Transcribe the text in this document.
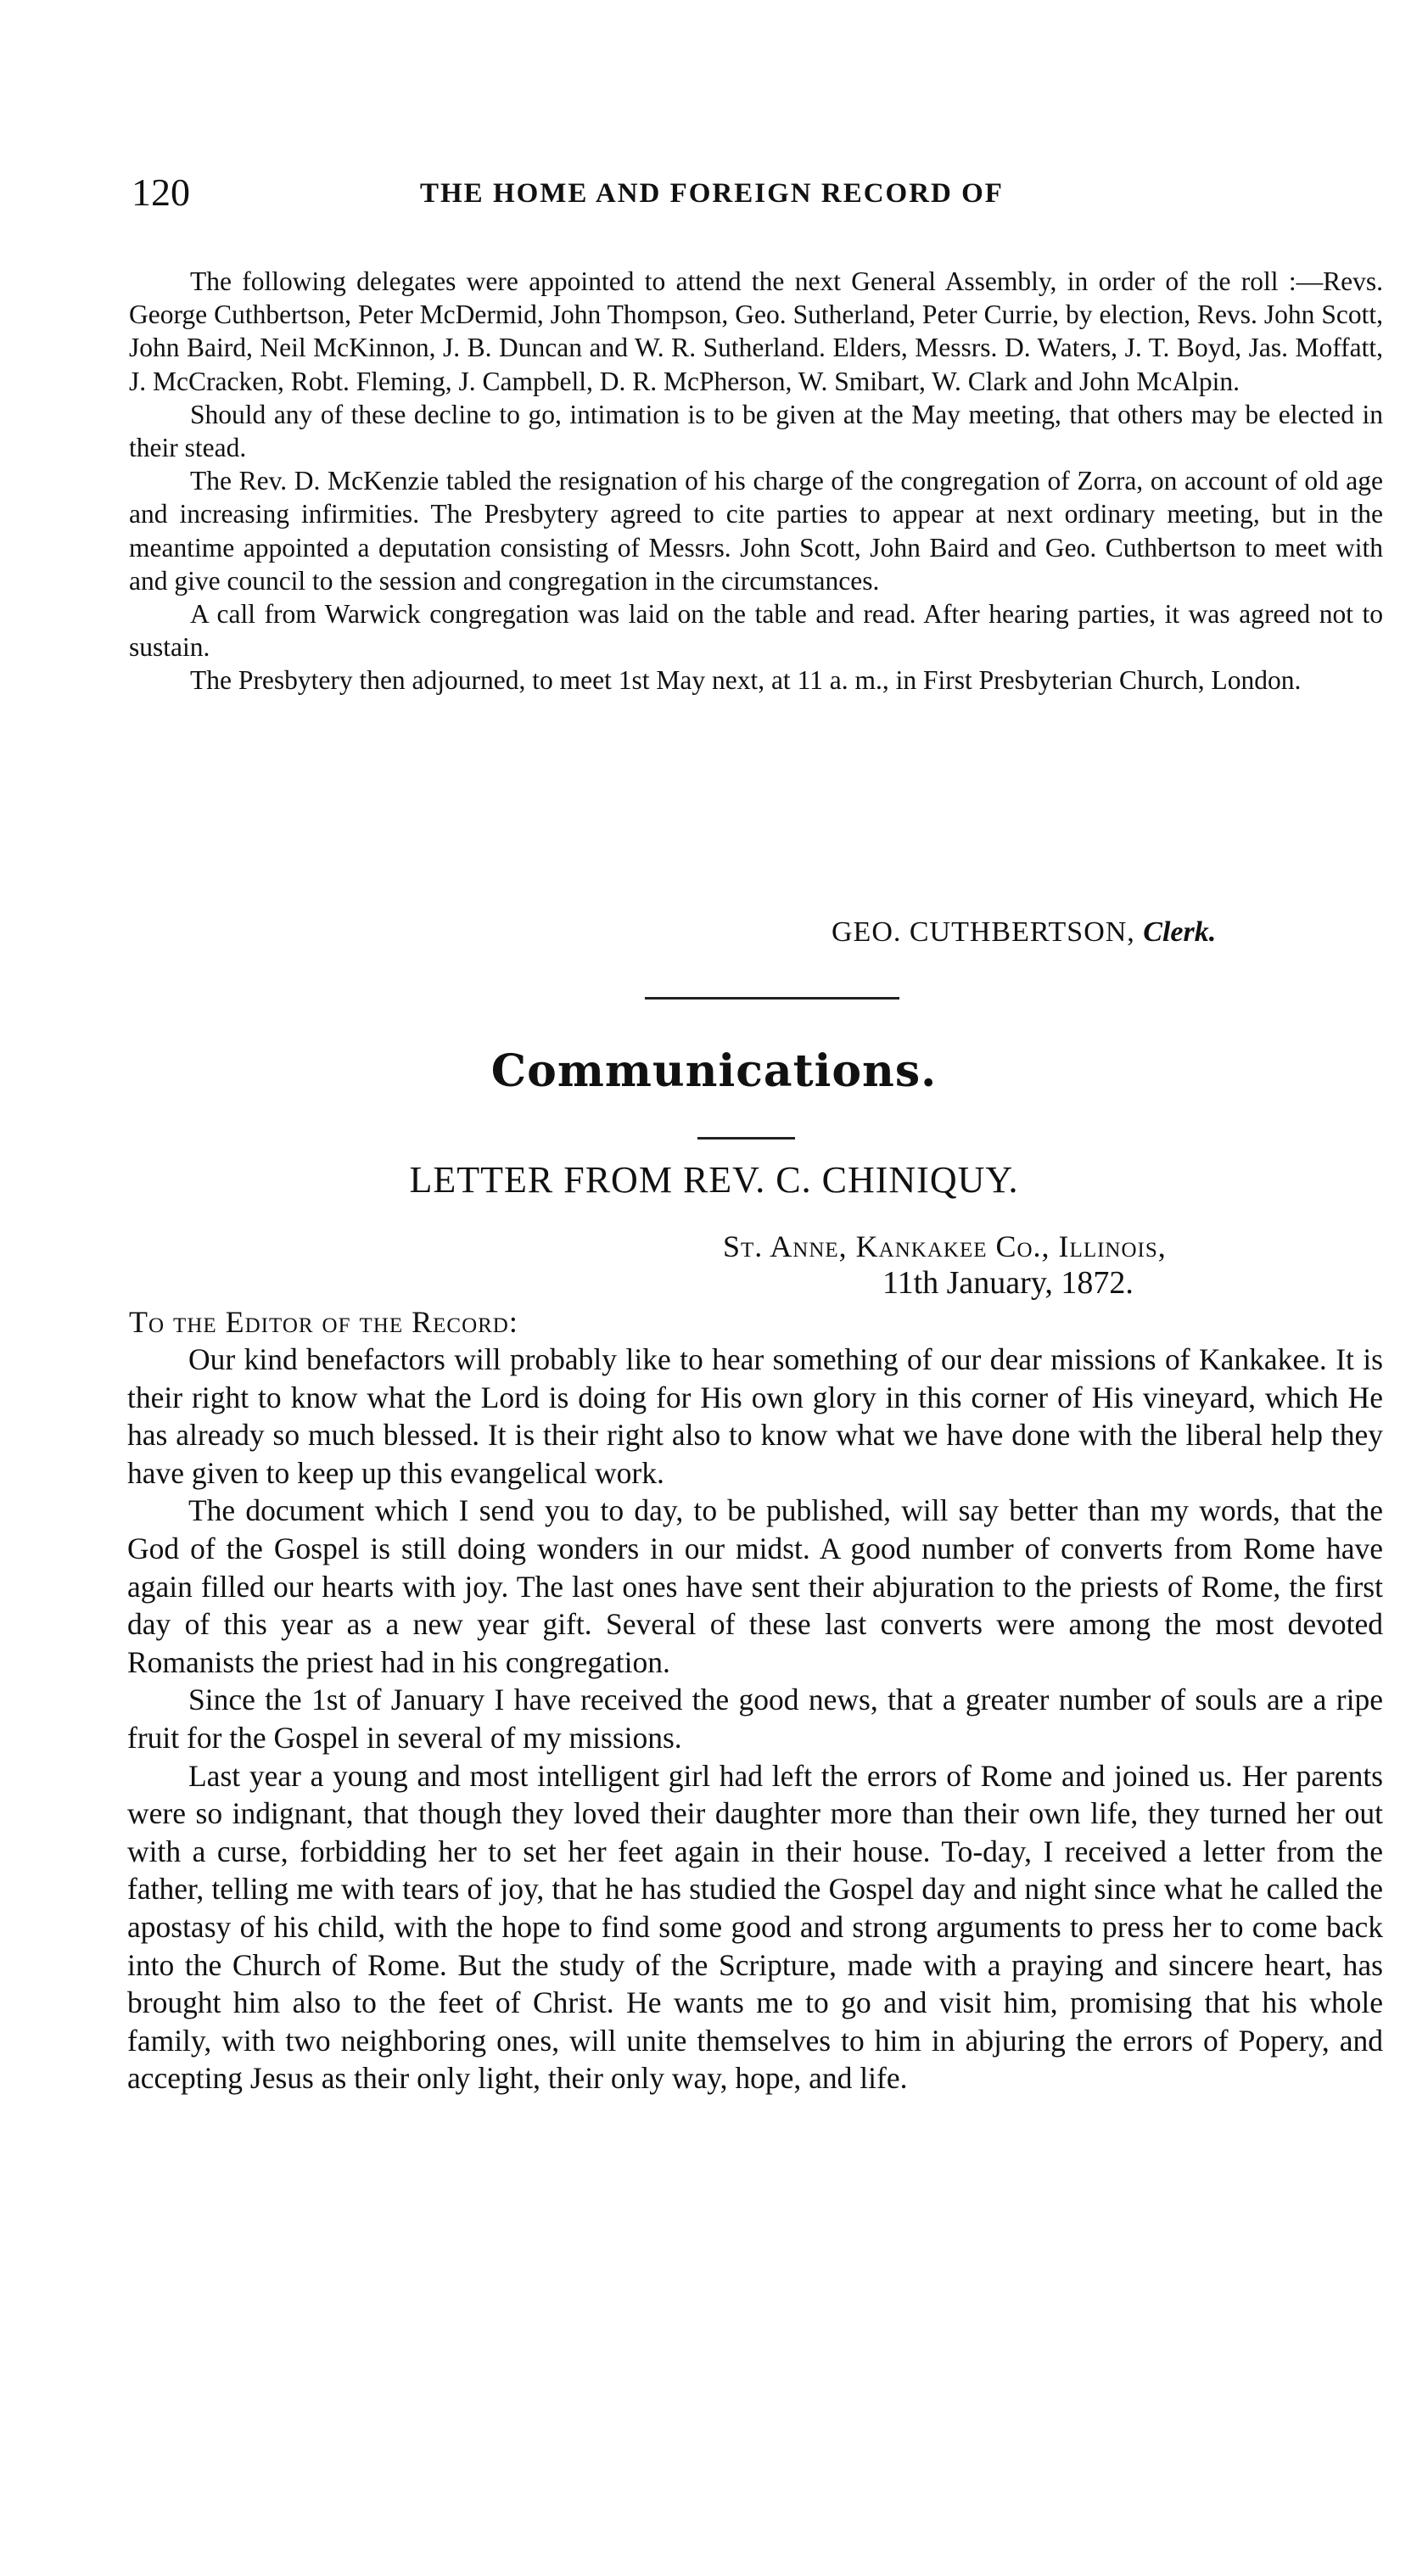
120	THE HOME AND FOREIGN RECORD OF

The following delegates were appointed to attend the next General Assembly, in order of the roll :—Revs. George Cuthbertson, Peter McDermid, John Thompson, Geo. Sutherland, Peter Currie, by election, Revs. John Scott, John Baird, Neil McKinnon, J. B. Duncan and W. R. Sutherland. Elders, Messrs. D. Waters, J. T. Boyd, Jas. Moffatt, J. McCracken, Robt. Fleming, J. Campbell, D. R. McPherson, W. Smibart, W. Clark and John McAlpin.

Should any of these decline to go, intimation is to be given at the May meeting, that others may be elected in their stead.

The Rev. D. McKenzie tabled the resignation of his charge of the congregation of Zorra, on account of old age and increasing infirmities. The Presbytery agreed to cite parties to appear at next ordinary meeting, but in the meantime appointed a deputation consisting of Messrs. John Scott, John Baird and Geo. Cuthbertson to meet with and give council to the session and congregation in the circumstances.

A call from Warwick congregation was laid on the table and read. After hearing parties, it was agreed not to sustain.

The Presbytery then adjourned, to meet 1st May next, at 11 a. m., in First Presbyterian Church, London.

GEO. CUTHBERTSON, Clerk.
Communications.
LETTER FROM REV. C. CHINIQUY.
St. Anne, Kankakee Co., Illinois,
11th January, 1872.
To the Editor of the Record:

Our kind benefactors will probably like to hear something of our dear missions of Kankakee. It is their right to know what the Lord is doing for His own glory in this corner of His vineyard, which He has already so much blessed. It is their right also to know what we have done with the liberal help they have given to keep up this evangelical work.

The document which I send you to day, to be published, will say better than my words, that the God of the Gospel is still doing wonders in our midst. A good number of converts from Rome have again filled our hearts with joy. The last ones have sent their abjuration to the priests of Rome, the first day of this year as a new year gift. Several of these last converts were among the most devoted Romanists the priest had in his congregation.

Since the 1st of January I have received the good news, that a greater number of souls are a ripe fruit for the Gospel in several of my missions.

Last year a young and most intelligent girl had left the errors of Rome and joined us. Her parents were so indignant, that though they loved their daughter more than their own life, they turned her out with a curse, forbidding her to set her feet again in their house. To-day, I received a letter from the father, telling me with tears of joy, that he has studied the Gospel day and night since what he called the apostasy of his child, with the hope to find some good and strong arguments to press her to come back into the Church of Rome. But the study of the Scripture, made with a praying and sincere heart, has brought him also to the feet of Christ. He wants me to go and visit him, promising that his whole family, with two neighboring ones, will unite themselves to him in abjuring the errors of Popery, and accepting Jesus as their only light, their only way, hope, and life.
